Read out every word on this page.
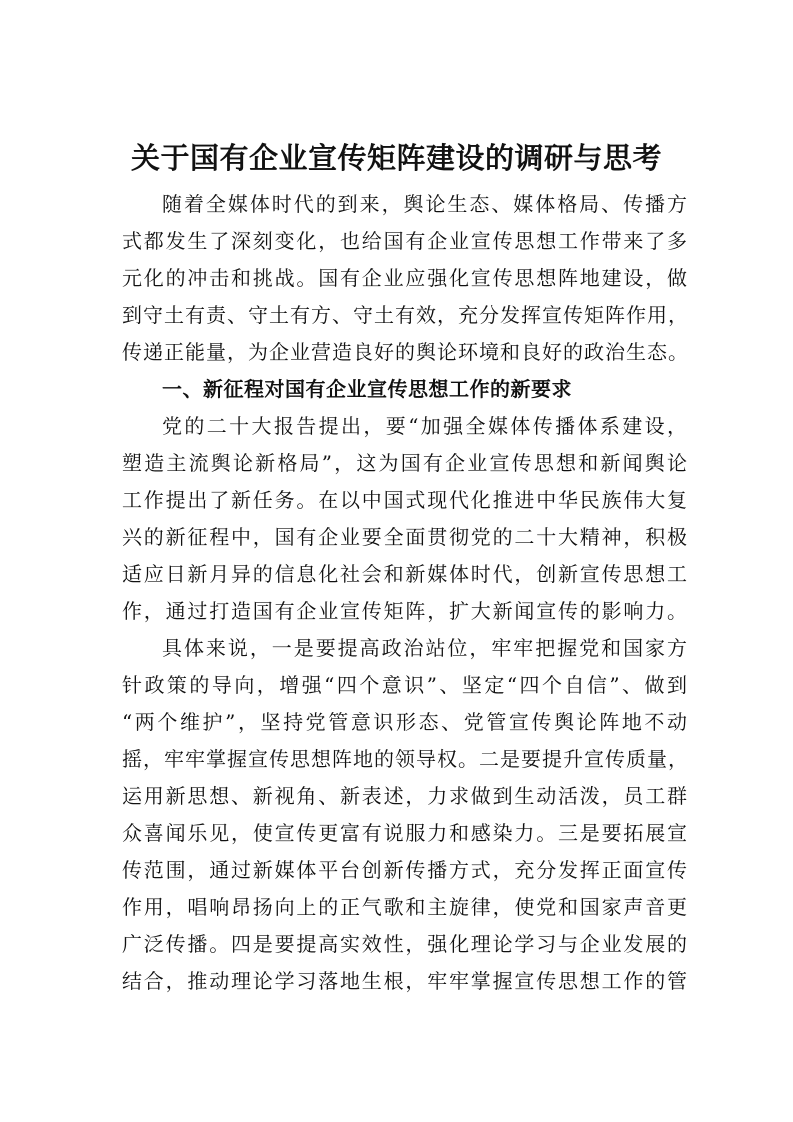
关于国有企业宣传矩阵建设的调研与思考
随着全媒体时代的到来，舆论生态、媒体格局、传播方
式都发生了深刻变化，也给国有企业宣传思想工作带来了多
元化的冲击和挑战。国有企业应强化宣传思想阵地建设，做
到守土有责、守土有方、守土有效，充分发挥宣传矩阵作用，
传递正能量，为企业营造良好的舆论环境和良好的政治生态。
一、新征程对国有企业宣传思想工作的新要求
党的二十大报告提出，要“加强全媒体传播体系建设，
塑造主流舆论新格局”，这为国有企业宣传思想和新闻舆论
工作提出了新任务。在以中国式现代化推进中华民族伟大复
兴的新征程中，国有企业要全面贯彻党的二十大精神，积极
适应日新月异的信息化社会和新媒体时代，创新宣传思想工
作，通过打造国有企业宣传矩阵，扩大新闻宣传的影响力。
具体来说，一是要提高政治站位，牢牢把握党和国家方
针政策的导向，增强“四个意识”、坚定“四个自信”、做到
“两个维护”，坚持党管意识形态、党管宣传舆论阵地不动
摇，牢牢掌握宣传思想阵地的领导权。二是要提升宣传质量，
运用新思想、新视角、新表述，力求做到生动活泼，员工群
众喜闻乐见，使宣传更富有说服力和感染力。三是要拓展宣
传范围，通过新媒体平台创新传播方式，充分发挥正面宣传
作用，唱响昂扬向上的正气歌和主旋律，使党和国家声音更
广泛传播。四是要提高实效性，强化理论学习与企业发展的
结合，推动理论学习落地生根，牢牢掌握宣传思想工作的管
